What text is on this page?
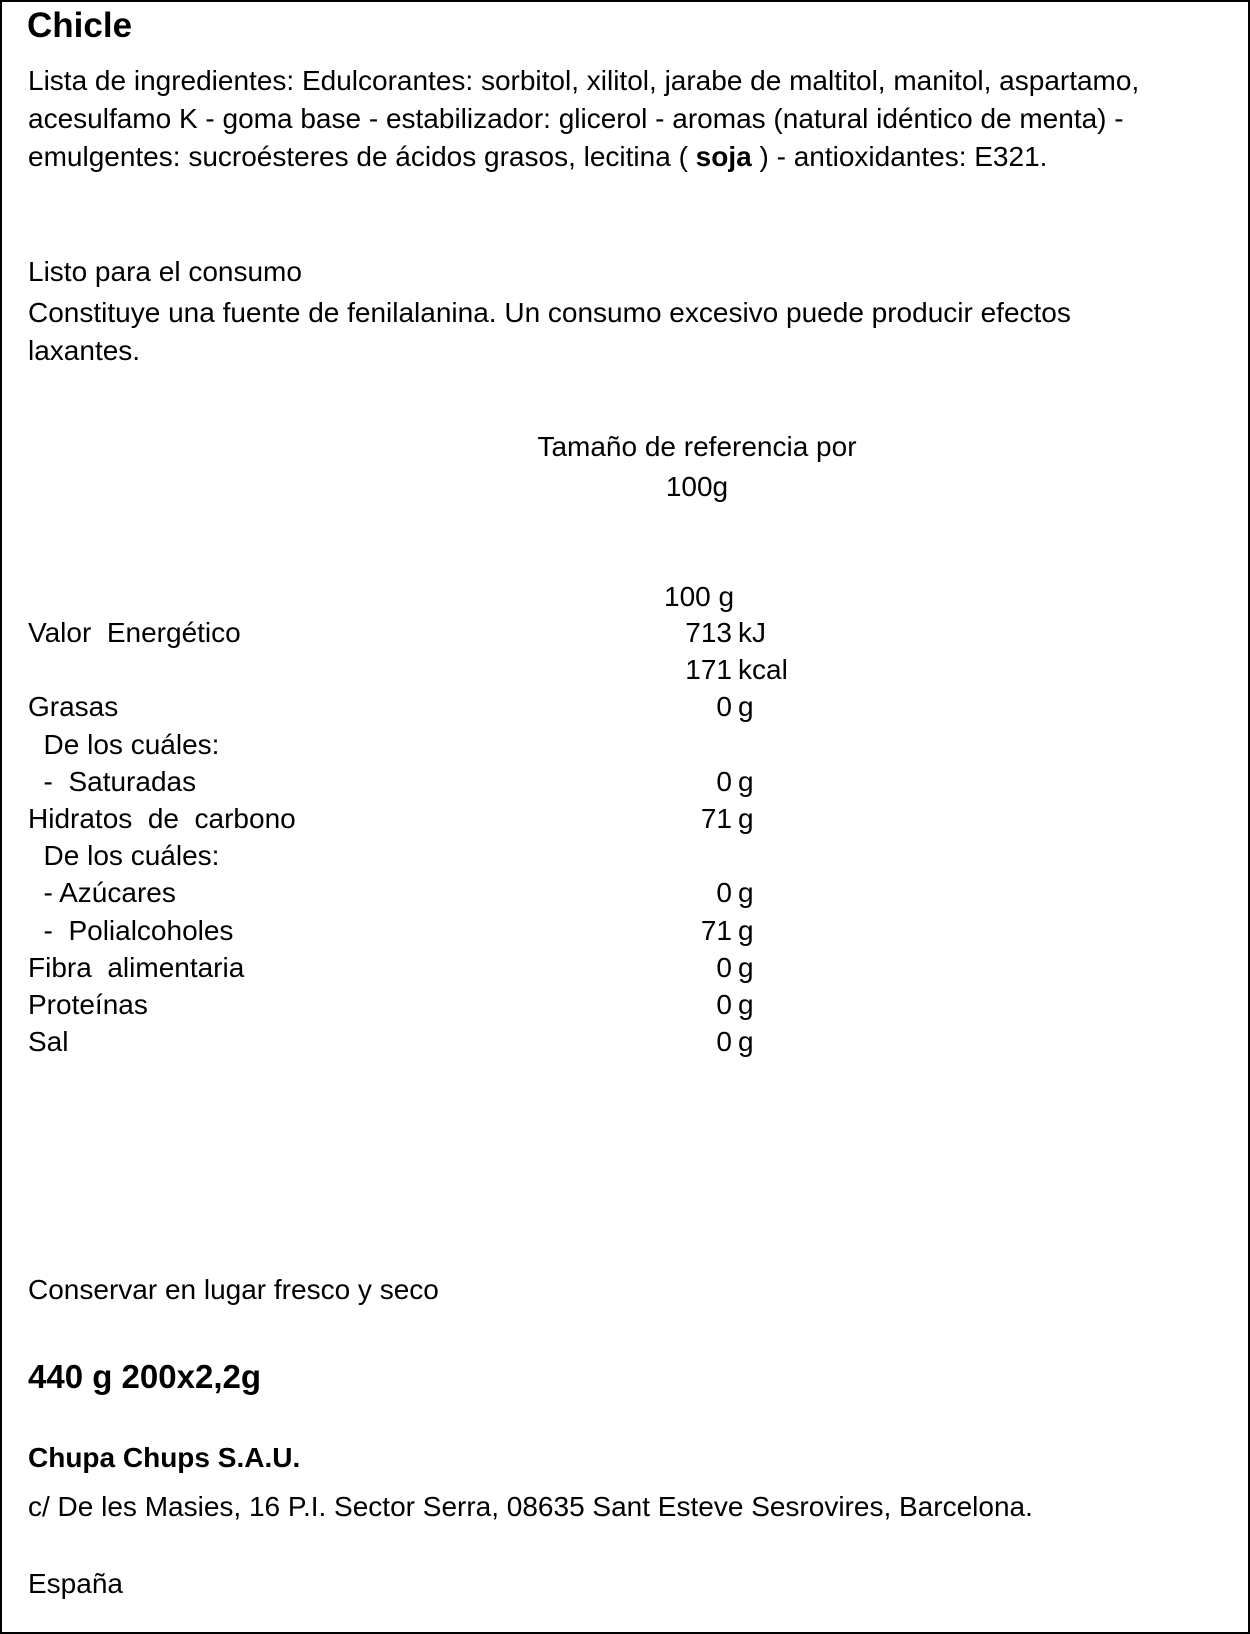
Chicle
Lista de ingredientes: Edulcorantes: sorbitol, xilitol, jarabe de maltitol, manitol, aspartamo, acesulfamo K - goma base - estabilizador: glicerol - aromas (natural idéntico de menta) - emulgentes: sucroésteres de ácidos grasos, lecitina ( soja ) - antioxidantes: E321.
Listo para el consumo
Constituye una fuente de fenilalanina. Un consumo excesivo puede producir efectos laxantes.
Tamaño de referencia por
100g
100 g
Valor  Energético	713 kJ
171 kcal
Grasas	0 g
De los cuáles:
-  Saturadas	0 g
Hidratos  de  carbono	71 g
De los cuáles:
- Azúcares	0 g
-  Polialcoholes	71 g
Fibra  alimentaria	0 g
Proteínas	0 g
Sal	0 g
Conservar en lugar fresco y seco
440 g 200x2,2g
Chupa Chups S.A.U.
c/ De les Masies, 16 P.I. Sector Serra, 08635 Sant Esteve Sesrovires, Barcelona.
España
